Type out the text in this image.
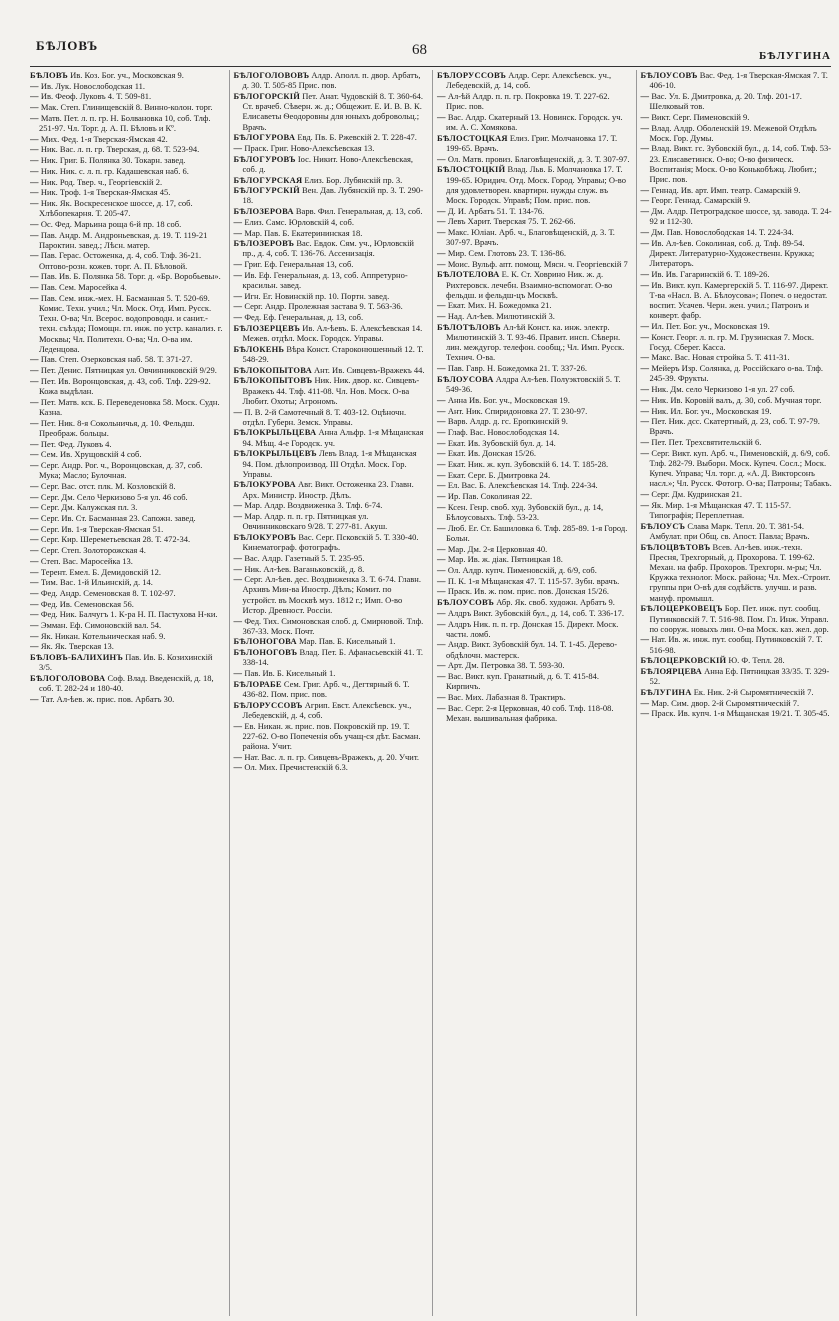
БѢЛОВЪ	68	БѢЛУГИНА
БѢЛОВЪ Ив. Коз. Бог. уч., Московская 9.
— Ив. Лук. Новослободская 11.
— Ив. Феоф. Луковъ 4. Т. 509-81.
— Мак. Степ. Глинищевскій 8. Винно-колон. торг.
— Матв. Пет. л. п. гр. Н. Болвановка 10, соб. Тлф. 251-97. Чл. Торг. д. А. П. Бѣловъ и Кº.
— Мих. Фед. 1-я Тверская-Ямская 42.
— Ник. Вас. л. п. гр. Тверская, д. 68. Т. 523-94.
— Ник. Григ. Б. Полянка 30. Токарн. завед.
— Ник. Ник. с. л. п. гр. Кадашевская наб. 6.
— Ник. Род. Твер. ч., Георгіевскій 2.
— Ник. Троф. 1-я Тверская-Ямская 45.
— Ник. Як. Воскресенское шоссе, д. 17, соб. Хлѣбопекарня. Т. 205-47.
— Ос. Фед. Марьина роща 6-й пр. 18 соб.
— Пав. Андр. М. Андроньевская, д. 19. Т. 119-21 Пароктин. завед.; Лѣсн. матер.
— Пав. Герас. Остоженка, д. 4, соб. Тлф. 36-21. Оптово-розн. кожев. торг. А. П. Бѣловой.
— Пав. Ив. Б. Полянка 58. Торг. д. «Бр. Воробьевы».
— Пав. Сем. Маросейка 4.
— Пав. Сем. инж.-мех. Н. Басманная 5. Т. 520-69. Комис. Техн. учил.; Чл. Моск. Отд. Имп. Русск. Техн. О-ва; Чл. Всерос. водопроводн. и санит.-техн. съѣзда; Помощн. гл. инж. по устр. канализ. г. Москвы; Чл. Политехн. О-ва; Чл. О-ва им. Леденцова.
— Пав. Степ. Озерковская наб. 58. Т. 371-27.
— Пет. Денис. Пятницкая ул. Овчинниковскій 9/29.
— Пет. Ив. Воронцовская, д. 43, соб. Тлф. 229-92. Кожа выдѣлан.
— Пет. Матв. кск. Б. Переведеновка 58. Моск. Судн. Казна.
— Пет. Ник. 8-я Сокольничья, д. 10. Фельдш. Преображ. больцы.
— Пет. Фед. Луковъ 4.
— Сем. Ив. Хрущовскій 4 соб.
— Серг. Андр. Рог. ч., Воронцовская, д. 37, соб. Мука; Масло; Булочная.
— Серг. Вас. отст. плк. М. Козловскій 8.
— Серг. Дм. Село Черкизово 5-я ул. 46 соб.
— Серг. Дм. Калужская пл. 3.
— Серг. Ив. Ст. Басманная 23. Сапожн. завед.
— Серг. Ив. 1-я Тверская-Ямская 51.
— Серг. Кир. Шереметьевская 28. Т. 472-34.
— Серг. Степ. Золоторожская 4.
— Степ. Вас. Маросейка 13.
— Терент. Емел. Б. Демидовскій 12.
— Тим. Вас. 1-й Ильинскій, д. 14.
— Фед. Андр. Семеновская 8. Т. 102-97.
— Фед. Ив. Семеновская 56.
— Фед. Ник. Балчугъ 1. К-ра Н. П. Пастухова Н-ки.
— Эмман. Еф. Симоновскій вал. 54.
— Як. Никан. Котельническая наб. 9.
— Як. Як. Тверская 13.
БѢЛОВЪ-БАЛИХИНЪ Пав. Ив. Б. Козихинскій 3/5.
БѢЛОГОЛОВОВА Соф. Влад. Введенскій, д. 18, соб. Т. 282-24 и 180-40.
— Тат. Ал-ѣев. ж. прис. пов. Арбатъ 30.
БѢЛОГОЛОВОВЪ Алдр. Аполл. п. двор. Арбатъ, д. 30. Т. 505-85 Прис. пов.
БѢЛОГОРСКІЙ Пет. Анат. Чудовскій 8. Т. 360-64. Ст. врачеб. Сѣверн. ж. д.; Общежит. Е. И. В. В. К. Елисаветы Ѳеодоровны для юныхъ добровольц.; Врачъ.
БѢЛОГУРОВА Евд. Пв. Б. Ржевскій 2. Т. 228-47.
— Праск. Григ. Ново-Алексѣевская 13.
БѢЛОГУРОВЪ Іос. Никит. Ново-Алексѣевская, соб. д.
БѢЛОГУРСКАЯ Елиз. Бор. Лубянскій пр. 3.
БѢЛОГУРСКІЙ Вен. Дав. Лубянскій пр. 3. Т. 290-18.
БѢЛОЗЕРОВА Варв. Фил. Генеральная, д. 13, соб.
— Елиз. Самс. Юрловскій 4, соб.
— Мар. Пав. Б. Екатерининская 18.
БѢЛОЗЕРОВЪ Вас. Евдок. Сям. уч., Юрловскій пр., д. 4, соб. Т. 136-76. Ассенизація.
— Григ. Еф. Генеральная 13, соб.
— Ив. Еф. Генеральная, д. 13, соб. Аппретурно-красильн. завед.
— Игн. Ег. Новинскій пр. 10. Портн. завед.
— Серг. Андр. Пролежная застава 9. Т. 563-36.
— Фед. Еф. Генеральная, д. 13, соб.
БѢЛОЗЕРЦЕВЪ Ив. Ал-ѣевъ. Б. Алексѣевская 14. Межев. отдѣл. Моск. Городск. Управы.
БѢЛОКЕНЬ Вѣра Конст. Староконюшенный 12. Т. 548-29.
БѢЛОКОПЫТОВА Ант. Ив. Сивцевъ-Вражекъ 44.
БѢЛОКОПЫТОВЪ Ник. Ник. двор. кс. Сивцевъ-Вражекъ 44. Тлф. 411-08. Чл. Нов. Моск. О-ва Любит. Охоты; Агрономъ.
— П. В. 2-й Самотечный 8. Т. 403-12. Оцѣночн. отдѣл. Губерн. Земск. Управы.
БѢЛОКРЫЛЬЦЕВА Анна Альфр. 1-я Мѣщанская 94. Мѣщ. 4-е Городск. уч.
БѢЛОКРЫЛЬЦЕВЪ Левъ Влад. 1-я Мѣщанская 94. Пом. дѣлопроизвод. III Отдѣл. Моск. Гор. Управы.
БѢЛОКУРОВА Авг. Викт. Остоженка 23. Главн. Арх. Министр. Иностр. Дѣлъ.
— Мар. Алдр. Воздвиженка 3. Тлф. 6-74.
— Мар. Алдр. п. п. гр. Пятницкая ул. Овчинниковскаго 9/28. Т. 277-81. Акуш.
БѢЛОКУРОВЪ Вас. Серг. Псковскій 5. Т. 330-40. Кинематограф. фотографъ.
— Вас. Алдр. Газетный 5. Т. 235-95.
— Ник. Ал-ѣев. Ваганьковскій, д. 8.
— Серг. Ал-ѣев. дес. Воздвиженка 3. Т. 6-74. Главн. Архивъ Мин-ва Иностр. Дѣлъ; Комит. по устройст. въ Москвѣ муз. 1812 г.; Имп. О-во Истор. Древност. Россіи.
— Фед. Тих. Симоновская слоб. д. Смирновой. Тлф. 367-33. Моск. Почт.
БѢЛОНОГОВА Мар. Пав. Б. Кисельный 1.
БѢЛОНОГОВЪ Влад. Пет. Б. Афанасьевскій 41. Т. 338-14.
— Пав. Ив. Б. Кисельный 1.
БѢЛОРАБЕ Сем. Григ. Арб. ч., Дегтярный 6. Т. 436-82. Пом. прис. пов.
БѢЛОРУССОВЪ Агрип. Евст. Алексѣевск. уч., Лебедевскій, д. 4, соб.
— Ев. Никан. ж. прис. пов. Покровскій пр. 19. Т. 227-62. О-во Попеченія объ учащ-ся дѣт. Басман. района. Учит.
— Нат. Вас. л. п. гр. Сивцевъ-Вражекъ, д. 20. Учит.
— Ол. Мих. Пречистенскій 6.3.
БѢЛОРУССОВЪ Алдр. Серг. Алексѣевск. уч., Лебедевскій, д. 14, соб.
— Ал-ѣй Алдр. п. п. гр. Покровка 19. Т. 227-62. Прис. пов.
— Вас. Алдр. Скатерный 13. Новинск. Городск. уч. им. А. С. Хомякова.
БѢЛОСТОЦКАЯ Елиз. Григ. Молчановка 17. Т. 199-65. Врачъ.
— Ол. Матв. провиз. Благовѣщенскій, д. 3. Т. 307-97.
БѢЛОСТОЦКІЙ Влад. Льв. Б. Молчановка 17. Т. 199-65. Юридич. Отд. Моск. Город. Управы; О-во для удовлетворен. квартирн. нужды служ. въ Моск. Городск. Управѣ; Пом. прис. пов.
— Д. И. Арбатъ 51. Т. 134-76.
— Левъ Харит. Тверская 75. Т. 262-66.
— Макс. Юліан. Арб. ч., Благовѣщенскій, д. 3. Т. 307-97. Врачъ.
— Мир. Сем. Глотовъ 23. Т. 136-86.
— Моис. Вульф. апт. помощ. Мясн. ч. Георгіевскій 7
БѢЛОТЕЛОВА Е. К. Ст. Ховрино Ник. ж. д. Рихтеровск. лечебн. Взаимно-вспомогат. О-во фельдш. и фельдш-цъ Москвѣ.
— Екат. Мих. Н. Божедомка 21.
— Над. Ал-ѣев. Милютинскій 3.
БѢЛОТѢЛОВЪ Ал-ѣй Конст. ка. инж. электр. Милютинскій 3. Т. 93-46. Правит. инсп. Сѣверн. лин. междугор. телефон. сообщ.; Чл. Имп. Русск. Технич. О-ва.
— Пав. Гавр. Н. Божедомка 21. Т. 337-26.
БѢЛОУСОВА Алдра Ал-ѣев. Полуэктовскій 5. Т. 549-36.
— Анна Ив. Бог. уч., Московская 19.
— Ант. Ник. Спиридоновка 27. Т. 230-97.
— Варв. Алдр. д. гс. Еропкинскій 9.
— Глаф. Вас. Новослободская 14.
— Екат. Ив. Зубовскій бул. д. 14.
— Екат. Ив. Донская 15/26.
— Екат. Ник. ж. куп. Зубовскій 6. 14. Т. 185-28.
— Екат. Серг. Б. Дмитровка 24.
— Ел. Вас. Б. Алексѣевская 14. Тлф. 224-34.
— Ир. Пав. Соколиная 22.
— Ксен. Генр. своб. худ. Зубовскій бул., д. 14, Бѣлоусовыхъ. Тлф. 53-23.
— Люб. Ег. Ст. Башиловка 6. Тлф. 285-89. 1-я Город. Больн.
— Мар. Дм. 2-я Церковная 40.
— Мар. Ив. ж. діак. Пятницкая 18.
— Ол. Алдр. купч. Пименовскій, д. 6/9, соб.
— П. К. 1-я Мѣщанская 47. Т. 115-57. Зубн. врачъ.
— Праск. Ив. ж. пом. прис. пов. Донская 15/26.
БѢЛОУСОВЪ Абр. Як. своб. художн. Арбатъ 9.
— Алдръ Викт. Зубовскій бул., д. 14, соб. Т. 336-17.
— Алдръ Ник. п. п. гр. Донская 15. Директ. Моск. частн. ломб.
— Андр. Викт. Зубовскій бул. 14. Т. 1-45. Дерево-обдѣлочн. мастерск.
— Арт. Дм. Петровка 38. Т. 593-30.
— Вас. Викт. куп. Гранатный, д. 6. Т. 415-84. Кирпичъ.
— Вас. Мих. Лабазная 8. Трактиръ.
— Вас. Серг. 2-я Церковная, 40 соб. Тлф. 118-08. Механ. вышивальная фабрика.
БѢЛОУСОВЪ Вас. Фед. 1-я Тверская-Ямская 7. Т. 406-10.
— Вас. Ул. Б. Дмитровка, д. 20. Тлф. 201-17. Шелковый тов.
— Викт. Серг. Пименовскій 9.
— Влад. Алдр. Оболенскій 19. Межевой Отдѣлъ Моск. Гор. Думы.
— Влад. Викт. гс. Зубовскій бул., д. 14, соб. Тлф. 53-23. Елисаветинск. О-во; О-во физическ. Воспитанія; Моск. О-во Конькобѣжц. Любит.; Прис. пов.
— Геннад. Ив. арт. Имп. театр. Самарскій 9.
— Георг. Геннад. Самарскій 9.
— Дм. Алдр. Петроградское шоссе, зд. завода. Т. 24-92 и 112-30.
— Дм. Пав. Новослободская 14. Т. 224-34.
— Ив. Ал-ѣев. Соколиная, соб. д. Тлф. 89-54. Директ. Литературно-Художественн. Кружка; Литераторъ.
— Ив. Ив. Гагаринскій 6. Т. 189-26.
— Ив. Викт. куп. Камергерскій 5. Т. 116-97. Директ. Т-ва «Насл. В. А. Бѣлоусова»; Попеч. о недостат. воспит. Усачев. Черн. жен. учил.; Патронъ и конверт. фабр.
— Ил. Пет. Бог. уч., Московская 19.
— Конст. Георг. л. п. гр. М. Грузинская 7. Моск. Госуд. Сберег. Касса.
— Макс. Вас. Новая стройка 5. Т. 411-31.
— Мейеръ Изр. Солянка, д. Россійскаго о-ва. Тлф. 245-39. Фрукты.
— Ник. Дм. село Черкизово 1-я ул. 27 соб.
— Ник. Ив. Коровій валъ, д. 30, соб. Мучная торг.
— Ник. Ил. Бог. уч., Московская 19.
— Пет. Ник. дсс. Скатертный, д. 23, соб. Т. 97-79. Врачъ.
— Пет. Пет. Трехсвятительскій 6.
— Серг. Викт. куп. Арб. ч., Пименовскій, д. 6/9, соб. Тлф. 282-79. Выборн. Моск. Купеч. Сосл.; Моск. Купеч. Управа; Чл. торг. д. «А. Д. Викторсонъ насл.»; Чл. Русск. Фотогр. О-ва; Патроны; Табакъ.
— Серг. Дм. Кудринская 21.
— Як. Мир. 1-я Мѣщанская 47. Т. 115-57. Типографія; Переплетная.
БѢЛОУСЪ Слава Марк. Тепл. 20. Т. 381-54. Амбулат. при Общ. св. Апост. Павла; Врачъ.
БѢЛОЦВѢТОВЪ Всев. Ал-ѣев. инж.-техн. Пресня, Трехгорный, д. Прохорова. Т. 199-62. Механ. на фабр. Прохоров. Трехгорн. м-ры; Чл. Кружка технолог. Моск. района; Чл. Мех.-Строит. группы при О-вѣ для содѣйств. улучш. и разв. мануф. промышл.
БѢЛОЦЕРКОВЕЦЪ Бор. Пет. инж. пут. сообщ. Путинковскій 7. Т. 516-98. Пом. Гл. Инж. Управл. по сооруж. новыхъ лин. О-ва Моск. каз. жел. дор.
— Нат. Ив. ж. инж. пут. сообщ. Путинковскій 7. Т. 516-98.
БѢЛОЦЕРКОВСКІЙ Ю. Ф. Тепл. 28.
БѢЛОЯРЦЕВА Анна Еф. Пятницкая 33/35. Т. 329-52.
БѢЛУГИНА Ек. Ник. 2-й Сыромятническій 7.
— Мар. Сим. двор. 2-й Сыромятническій 7.
— Праск. Ив. купч. 1-я Мѣщанская 19/21. Т. 305-45.
